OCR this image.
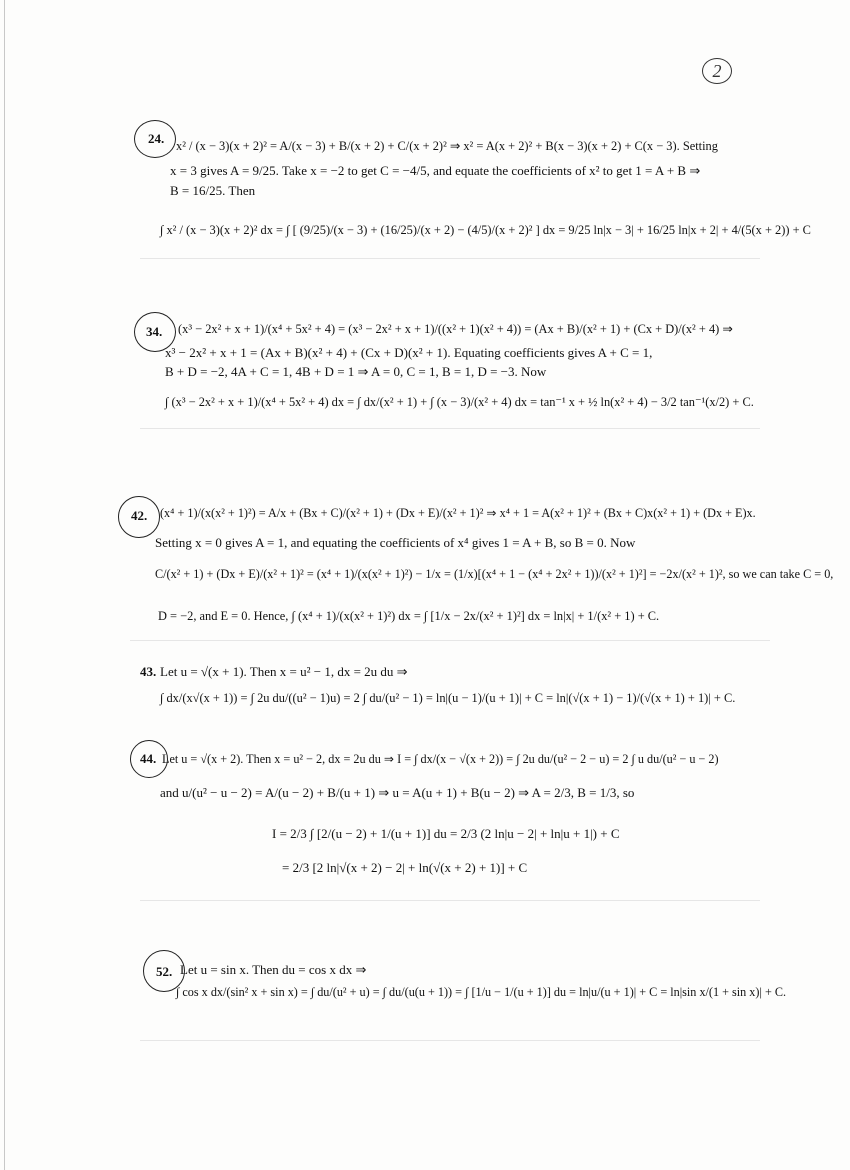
2
24. x² / (x − 3)(x + 2)² = A/(x − 3) + B/(x + 2) + C/(x + 2)² ⇒ x² = A(x + 2)² + B(x − 3)(x + 2) + C(x − 3). Setting
x = 3 gives A = 9/25. Take x = −2 to get C = −4/5, and equate the coefficients of x² to get 1 = A + B ⇒
B = 16/25. Then
∫ x² / (x − 3)(x + 2)² dx = ∫ [ (9/25)/(x − 3) + (16/25)/(x + 2) − (4/5)/(x + 2)² ] dx = 9/25 ln|x − 3| + 16/25 ln|x + 2| + 4/(5(x + 2)) + C
34. (x³ − 2x² + x + 1)/(x⁴ + 5x² + 4) = (x³ − 2x² + x + 1)/((x² + 1)(x² + 4)) = (Ax + B)/(x² + 1) + (Cx + D)/(x² + 4) ⇒
x³ − 2x² + x + 1 = (Ax + B)(x² + 4) + (Cx + D)(x² + 1). Equating coefficients gives A + C = 1,
B + D = −2, 4A + C = 1, 4B + D = 1 ⇒ A = 0, C = 1, B = 1, D = −3. Now
∫ (x³ − 2x² + x + 1)/(x⁴ + 5x² + 4) dx = ∫ dx/(x² + 1) + ∫ (x − 3)/(x² + 4) dx = tan⁻¹ x + ½ ln(x² + 4) − 3/2 tan⁻¹(x/2) + C.
42. (x⁴ + 1)/(x(x² + 1)²) = A/x + (Bx + C)/(x² + 1) + (Dx + E)/(x² + 1)² ⇒ x⁴ + 1 = A(x² + 1)² + (Bx + C)x(x² + 1) + (Dx + E)x.
Setting x = 0 gives A = 1, and equating the coefficients of x⁴ gives 1 = A + B, so B = 0. Now
C/(x² + 1) + (Dx + E)/(x² + 1)² = (x⁴ + 1)/(x(x² + 1)²) − 1/x = (1/x)[(x⁴ + 1 − (x⁴ + 2x² + 1))/(x² + 1)²] = −2x/(x² + 1)², so we can take C = 0,
D = −2, and E = 0. Hence, ∫ (x⁴ + 1)/(x(x² + 1)²) dx = ∫ [1/x − 2x/(x² + 1)²] dx = ln|x| + 1/(x² + 1) + C.
43. Let u = √(x + 1). Then x = u² − 1, dx = 2u du ⇒
∫ dx/(x√(x + 1)) = ∫ 2u du/((u² − 1)u) = 2 ∫ du/(u² − 1) = ln|(u − 1)/(u + 1)| + C = ln|(√(x + 1) − 1)/(√(x + 1) + 1)| + C.
44. Let u = √(x + 2). Then x = u² − 2, dx = 2u du ⇒ I = ∫ dx/(x − √(x + 2)) = ∫ 2u du/(u² − 2 − u) = 2 ∫ u du/(u² − u − 2)
and u/(u² − u − 2) = A/(u − 2) + B/(u + 1) ⇒ u = A(u + 1) + B(u − 2) ⇒ A = 2/3, B = 1/3, so
I = 2/3 ∫ [2/(u − 2) + 1/(u + 1)] du = 2/3 (2 ln|u − 2| + ln|u + 1|) + C
= 2/3 [2 ln|√(x + 2) − 2| + ln(√(x + 2) + 1)] + C
52. Let u = sin x. Then du = cos x dx ⇒
∫ cos x dx/(sin² x + sin x) = ∫ du/(u² + u) = ∫ du/(u(u + 1)) = ∫ [1/u − 1/(u + 1)] du = ln|u/(u + 1)| + C = ln|sin x/(1 + sin x)| + C.
